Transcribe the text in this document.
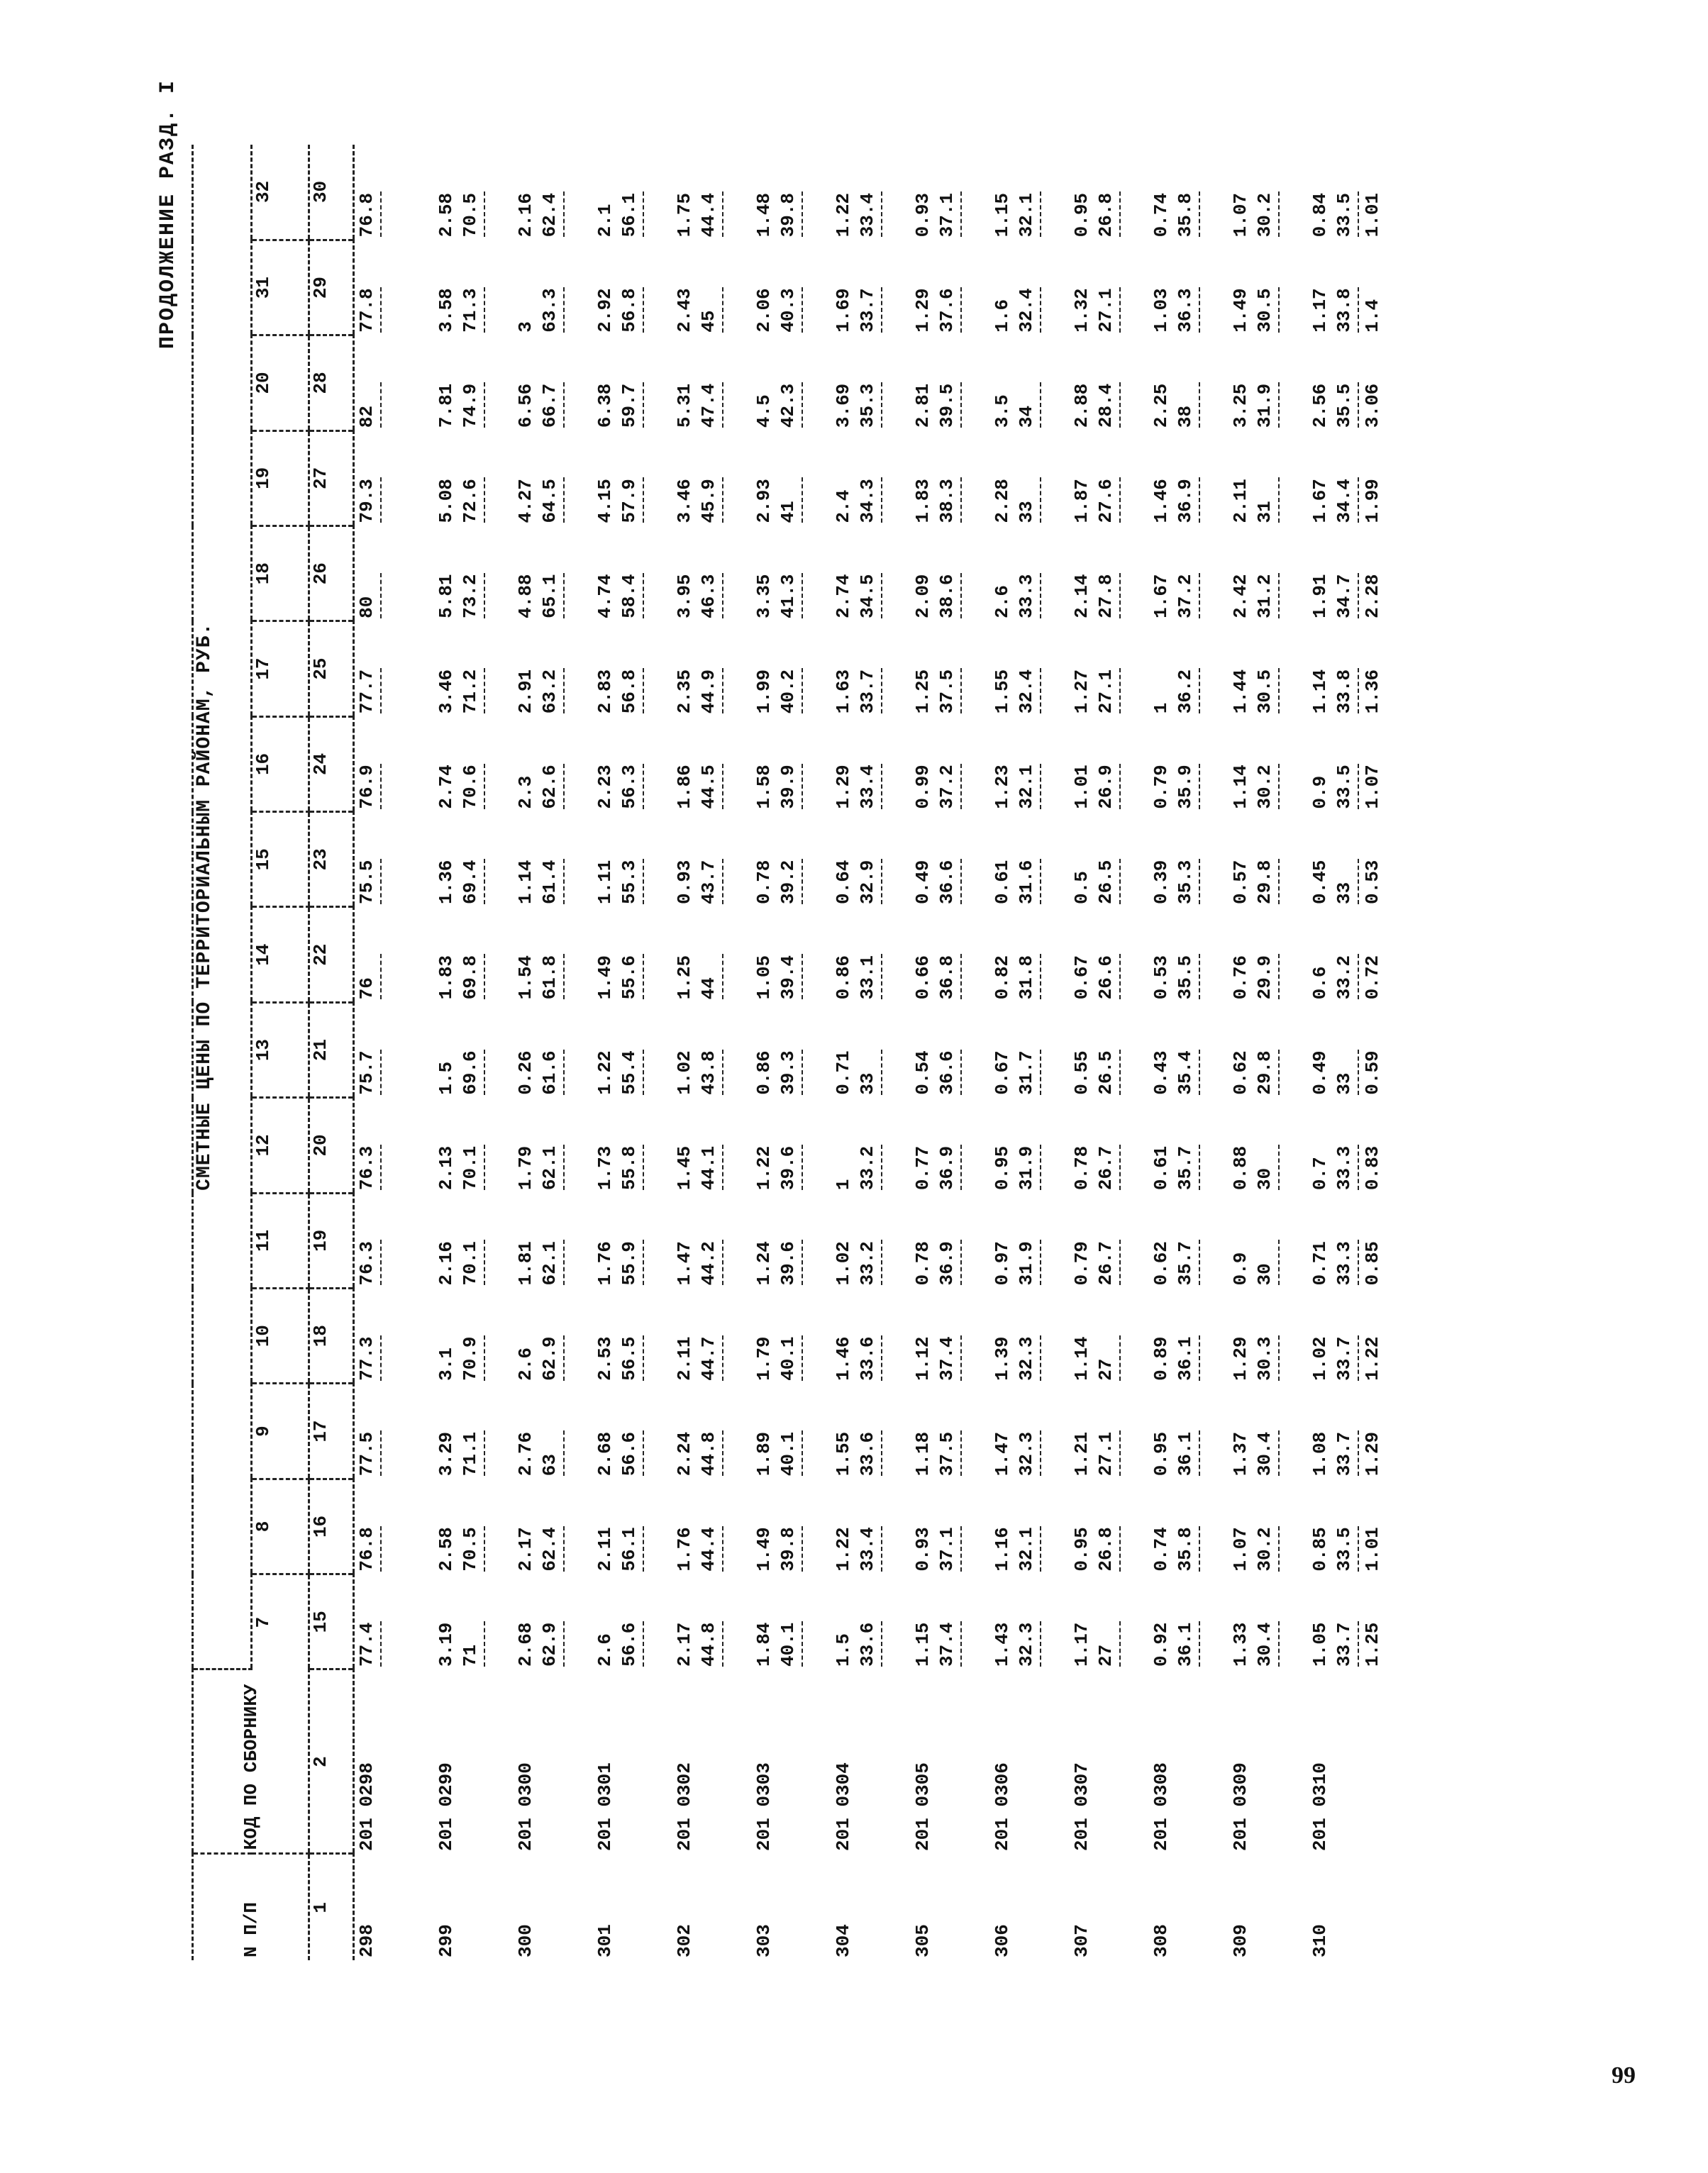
ПРОДОЛЖЕНИЕ РАЗД. I
99
N П/П	КОД ПО СБОРНИКУ	СМЕТНЫЕ ЦЕНЫ ПО ТЕРРИТОРИАЛЬНЫМ РАЙОНАМ, РУБ.															
		7	8	9	10	11	12	13	14	15	16	17	18	19	20	31	32
1	2	15	16	17	18	19	20	21	22	23	24	25	26	27	28	29	30
298	201 0298	77.4	76.8	77.5	77.3	76.3	76.3	75.7	76	75.5	76.9	77.7	80	79.3	82	77.8	76.8

299	201 0299	3.19 71	2.58 70.5	3.29 71.1	3.1 70.9	2.16 70.1	2.13 70.1	1.5 69.6	1.83 69.8	1.36 69.4	2.74 70.6	3.46 71.2	5.81 73.2	5.08 72.6	7.81 74.9	3.58 71.3	2.58 70.5

300	201 0300	2.68 62.9	2.17 62.4	2.76 63	2.6 62.9	1.81 62.1	1.79 62.1	0.26 61.6	1.54 61.8	1.14 61.4	2.3 62.6	2.91 63.2	4.88 65.1	4.27 64.5	6.56 66.7	3 63.3	2.16 62.4

301	201 0301	2.6 56.6	2.11 56.1	2.68 56.6	2.53 56.5	1.76 55.9	1.73 55.8	1.22 55.4	1.49 55.6	1.11 55.3	2.23 56.3	2.83 56.8	4.74 58.4	4.15 57.9	6.38 59.7	2.92 56.8	2.1 56.1

302	201 0302	2.17 44.8	1.76 44.4	2.24 44.8	2.11 44.7	1.47 44.2	1.45 44.1	1.02 43.8	1.25 44	0.93 43.7	1.86 44.5	2.35 44.9	3.95 46.3	3.46 45.9	5.31 47.4	2.43 45	1.75 44.4

303	201 0303	1.84 40.1	1.49 39.8	1.89 40.1	1.79 40.1	1.24 39.6	1.22 39.6	0.86 39.3	1.05 39.4	0.78 39.2	1.58 39.9	1.99 40.2	3.35 41.3	2.93 41	4.5 42.3	2.06 40.3	1.48 39.8

304	201 0304	1.5 33.6	1.22 33.4	1.55 33.6	1.46 33.6	1.02 33.2	1 33.2	0.71 33	0.86 33.1	0.64 32.9	1.29 33.4	1.63 33.7	2.74 34.5	2.4 34.3	3.69 35.3	1.69 33.7	1.22 33.4

305	201 0305	1.15 37.4	0.93 37.1	1.18 37.5	1.12 37.4	0.78 36.9	0.77 36.9	0.54 36.6	0.66 36.8	0.49 36.6	0.99 37.2	1.25 37.5	2.09 38.6	1.83 38.3	2.81 39.5	1.29 37.6	0.93 37.1

306	201 0306	1.43 32.3	1.16 32.1	1.47 32.3	1.39 32.3	0.97 31.9	0.95 31.9	0.67 31.7	0.82 31.8	0.61 31.6	1.23 32.1	1.55 32.4	2.6 33.3	2.28 33	3.5 34	1.6 32.4	1.15 32.1

307	201 0307	1.17 27	0.95 26.8	1.21 27.1	1.14 27	0.79 26.7	0.78 26.7	0.55 26.5	0.67 26.6	0.5 26.5	1.01 26.9	1.27 27.1	2.14 27.8	1.87 27.6	2.88 28.4	1.32 27.1	0.95 26.8

308	201 0308	0.92 36.1	0.74 35.8	0.95 36.1	0.89 36.1	0.62 35.7	0.61 35.7	0.43 35.4	0.53 35.5	0.39 35.3	0.79 35.9	1 36.2	1.67 37.2	1.46 36.9	2.25 38	1.03 36.3	0.74 35.8

309	201 0309	1.33 30.4	1.07 30.2	1.37 30.4	1.29 30.3	0.9 30	0.88 30	0.62 29.8	0.76 29.9	0.57 29.8	1.14 30.2	1.44 30.5	2.42 31.2	2.11 31	3.25 31.9	1.49 30.5	1.07 30.2

310	201 0310	1.05 33.7 1.25	0.85 33.5 1.01	1.08 33.7 1.29	1.02 33.7 1.22	0.71 33.3 0.85	0.7 33.3 0.83	0.49 33 0.59	0.6 33.2 0.72	0.45 33 0.53	0.9 33.5 1.07	1.14 33.8 1.36	1.91 34.7 2.28	1.67 34.4 1.99	2.56 35.5 3.06	1.17 33.8 1.4	0.84 33.5 1.01
